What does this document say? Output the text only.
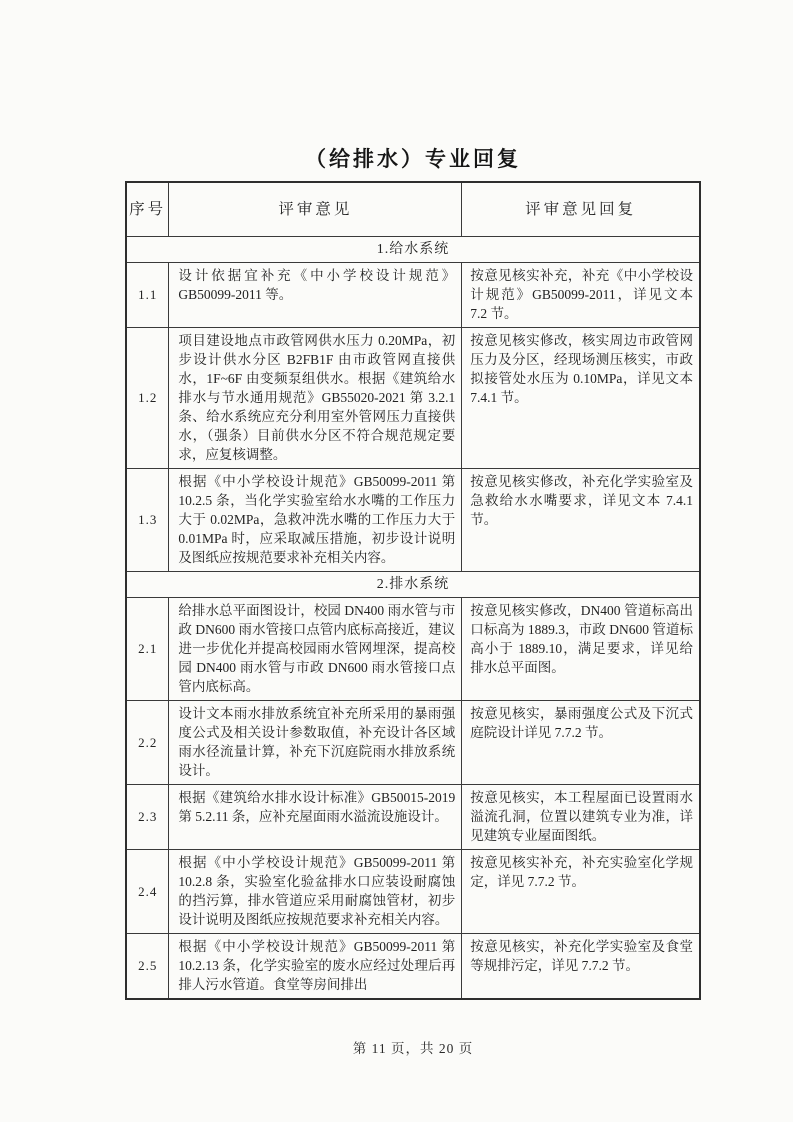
（给排水）专业回复
序号	评审意见	评审意见回复
1.给水系统		
1.1	设计依据宜补充《中小学校设计规范》GB50099-2011 等。	按意见核实补充，补充《中小学校设计规范》GB50099-2011，详见文本 7.2 节。
1.2	项目建设地点市政管网供水压力 0.20MPa，初步设计供水分区 B2FB1F 由市政管网直接供水，1F~6F 由变频泵组供水。根据《建筑给水排水与节水通用规范》GB55020-2021 第 3.2.1 条、给水系统应充分利用室外管网压力直接供水，（强条）目前供水分区不符合规范规定要求，应复核调整。	按意见核实修改，核实周边市政管网压力及分区，经现场测压核实，市政拟接管处水压为 0.10MPa，详见文本 7.4.1 节。
1.3	根据《中小学校设计规范》GB50099-2011 第 10.2.5 条，当化学实验室给水水嘴的工作压力大于 0.02MPa，急救冲洗水嘴的工作压力大于 0.01MPa 时，应采取减压措施，初步设计说明及图纸应按规范要求补充相关内容。	按意见核实修改，补充化学实验室及急救给水水嘴要求，详见文本 7.4.1 节。
2.排水系统		
2.1	给排水总平面图设计，校园 DN400 雨水管与市政 DN600 雨水管接口点管内底标高接近，建议进一步优化并提高校园雨水管网埋深，提高校园 DN400 雨水管与市政 DN600 雨水管接口点管内底标高。	按意见核实修改，DN400 管道标高出口标高为 1889.3，市政 DN600 管道标高小于 1889.10，满足要求，详见给排水总平面图。
2.2	设计文本雨水排放系统宜补充所采用的暴雨强度公式及相关设计参数取值，补充设计各区域雨水径流量计算，补充下沉庭院雨水排放系统设计。	按意见核实，暴雨强度公式及下沉式庭院设计详见 7.7.2 节。
2.3	根据《建筑给水排水设计标准》GB50015-2019 第 5.2.11 条，应补充屋面雨水溢流设施设计。	按意见核实，本工程屋面已设置雨水溢流孔洞，位置以建筑专业为准，详见建筑专业屋面图纸。
2.4	根据《中小学校设计规范》GB50099-2011 第 10.2.8 条，实验室化验盆排水口应装设耐腐蚀的挡污算，排水管道应采用耐腐蚀管材，初步设计说明及图纸应按规范要求补充相关内容。	按意见核实补充，补充实验室化学规定，详见 7.7.2 节。
2.5	根据《中小学校设计规范》GB50099-2011 第 10.2.13 条，化学实验室的废水应经过处理后再排人污水管道。食堂等房间排出	按意见核实，补充化学实验室及食堂等规排污定，详见 7.7.2 节。
第 11 页，共 20 页
